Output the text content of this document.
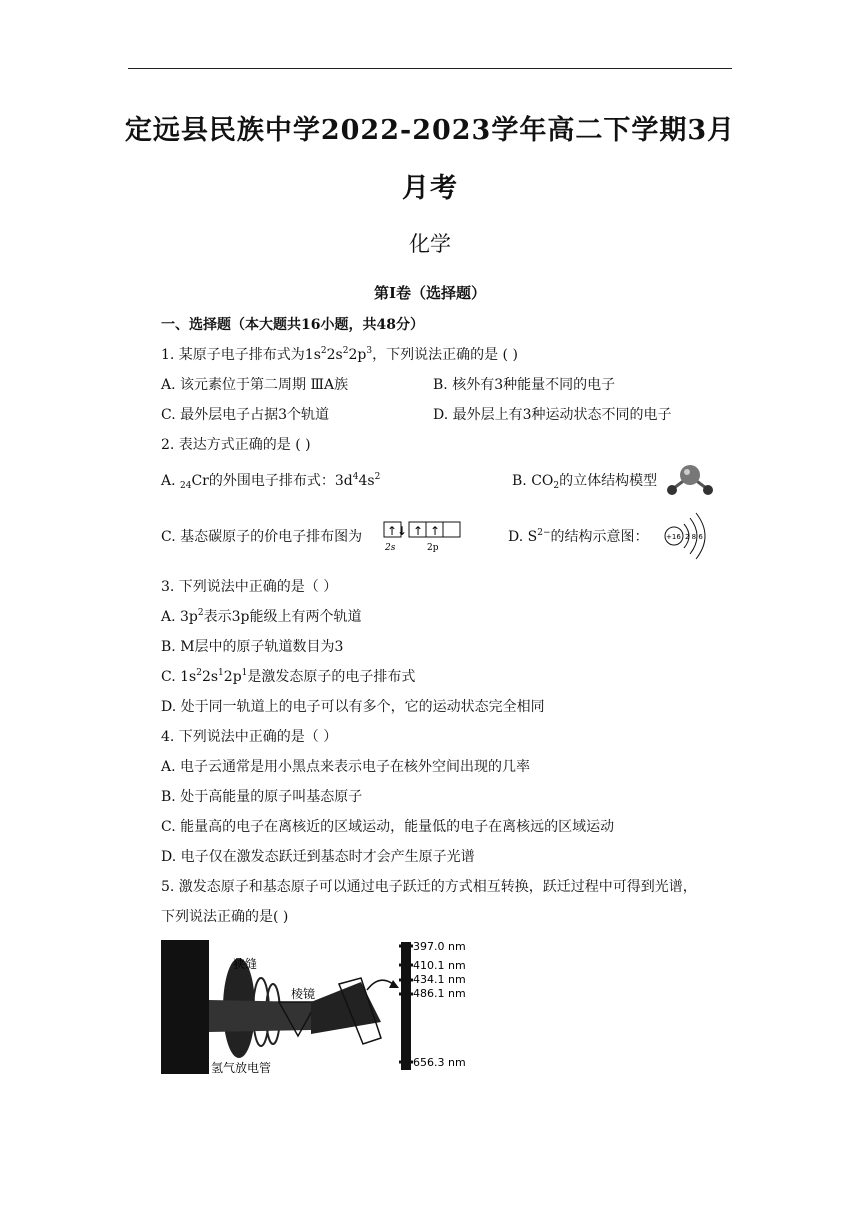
定远县民族中学2022-2023学年高二下学期3月
月考
化学
第Ⅰ卷（选择题）
一、选择题（本大题共16小题，共48分）
1. 某原子电子排布式为$1s^22s^22p^3$，下列说法正确的是 ( )
A. 该元素位于第二周期 ⅢA族	B. 核外有3种能量不同的电子
C. 最外层电子占据3个轨道	D. 最外层上有3种运动状态不同的电子
2. 表达方式正确的是 ( )
A. $_{24}$Cr的外围电子排布式：$3d^44s^2$	B. $CO_2$的立体结构模型
C. 基态碳原子的价电子排布图为 ↑↓ ↑ ↑
2s	2p
D. $S^{2-}$的结构示意图：	+16 2 8 6
3. 下列说法中正确的是（ ）
A. $3p^2$表示3p能级上有两个轨道
B. M层中的原子轨道数目为3
C. $1s^22s^12p^1$是激发态原子的电子排布式
D. 处于同一轨道上的电子可以有多个，它的运动状态完全相同
4. 下列说法中正确的是（ ）
A. 电子云通常是用小黑点来表示电子在核外空间出现的几率
B. 处于高能量的原子叫基态原子
C. 能量高的电子在离核近的区域运动，能量低的电子在离核远的区域运动
D. 电子仅在激发态跃迁到基态时才会产生原子光谱
5. 激发态原子和基态原子可以通过电子跃迁的方式相互转换，跃迁过程中可得到光谱，
下列说法正确的是( )
狭缝
棱镜
氢气放电管
397.0 nm
410.1 nm
434.1 nm
486.1 nm
656.3 nm
